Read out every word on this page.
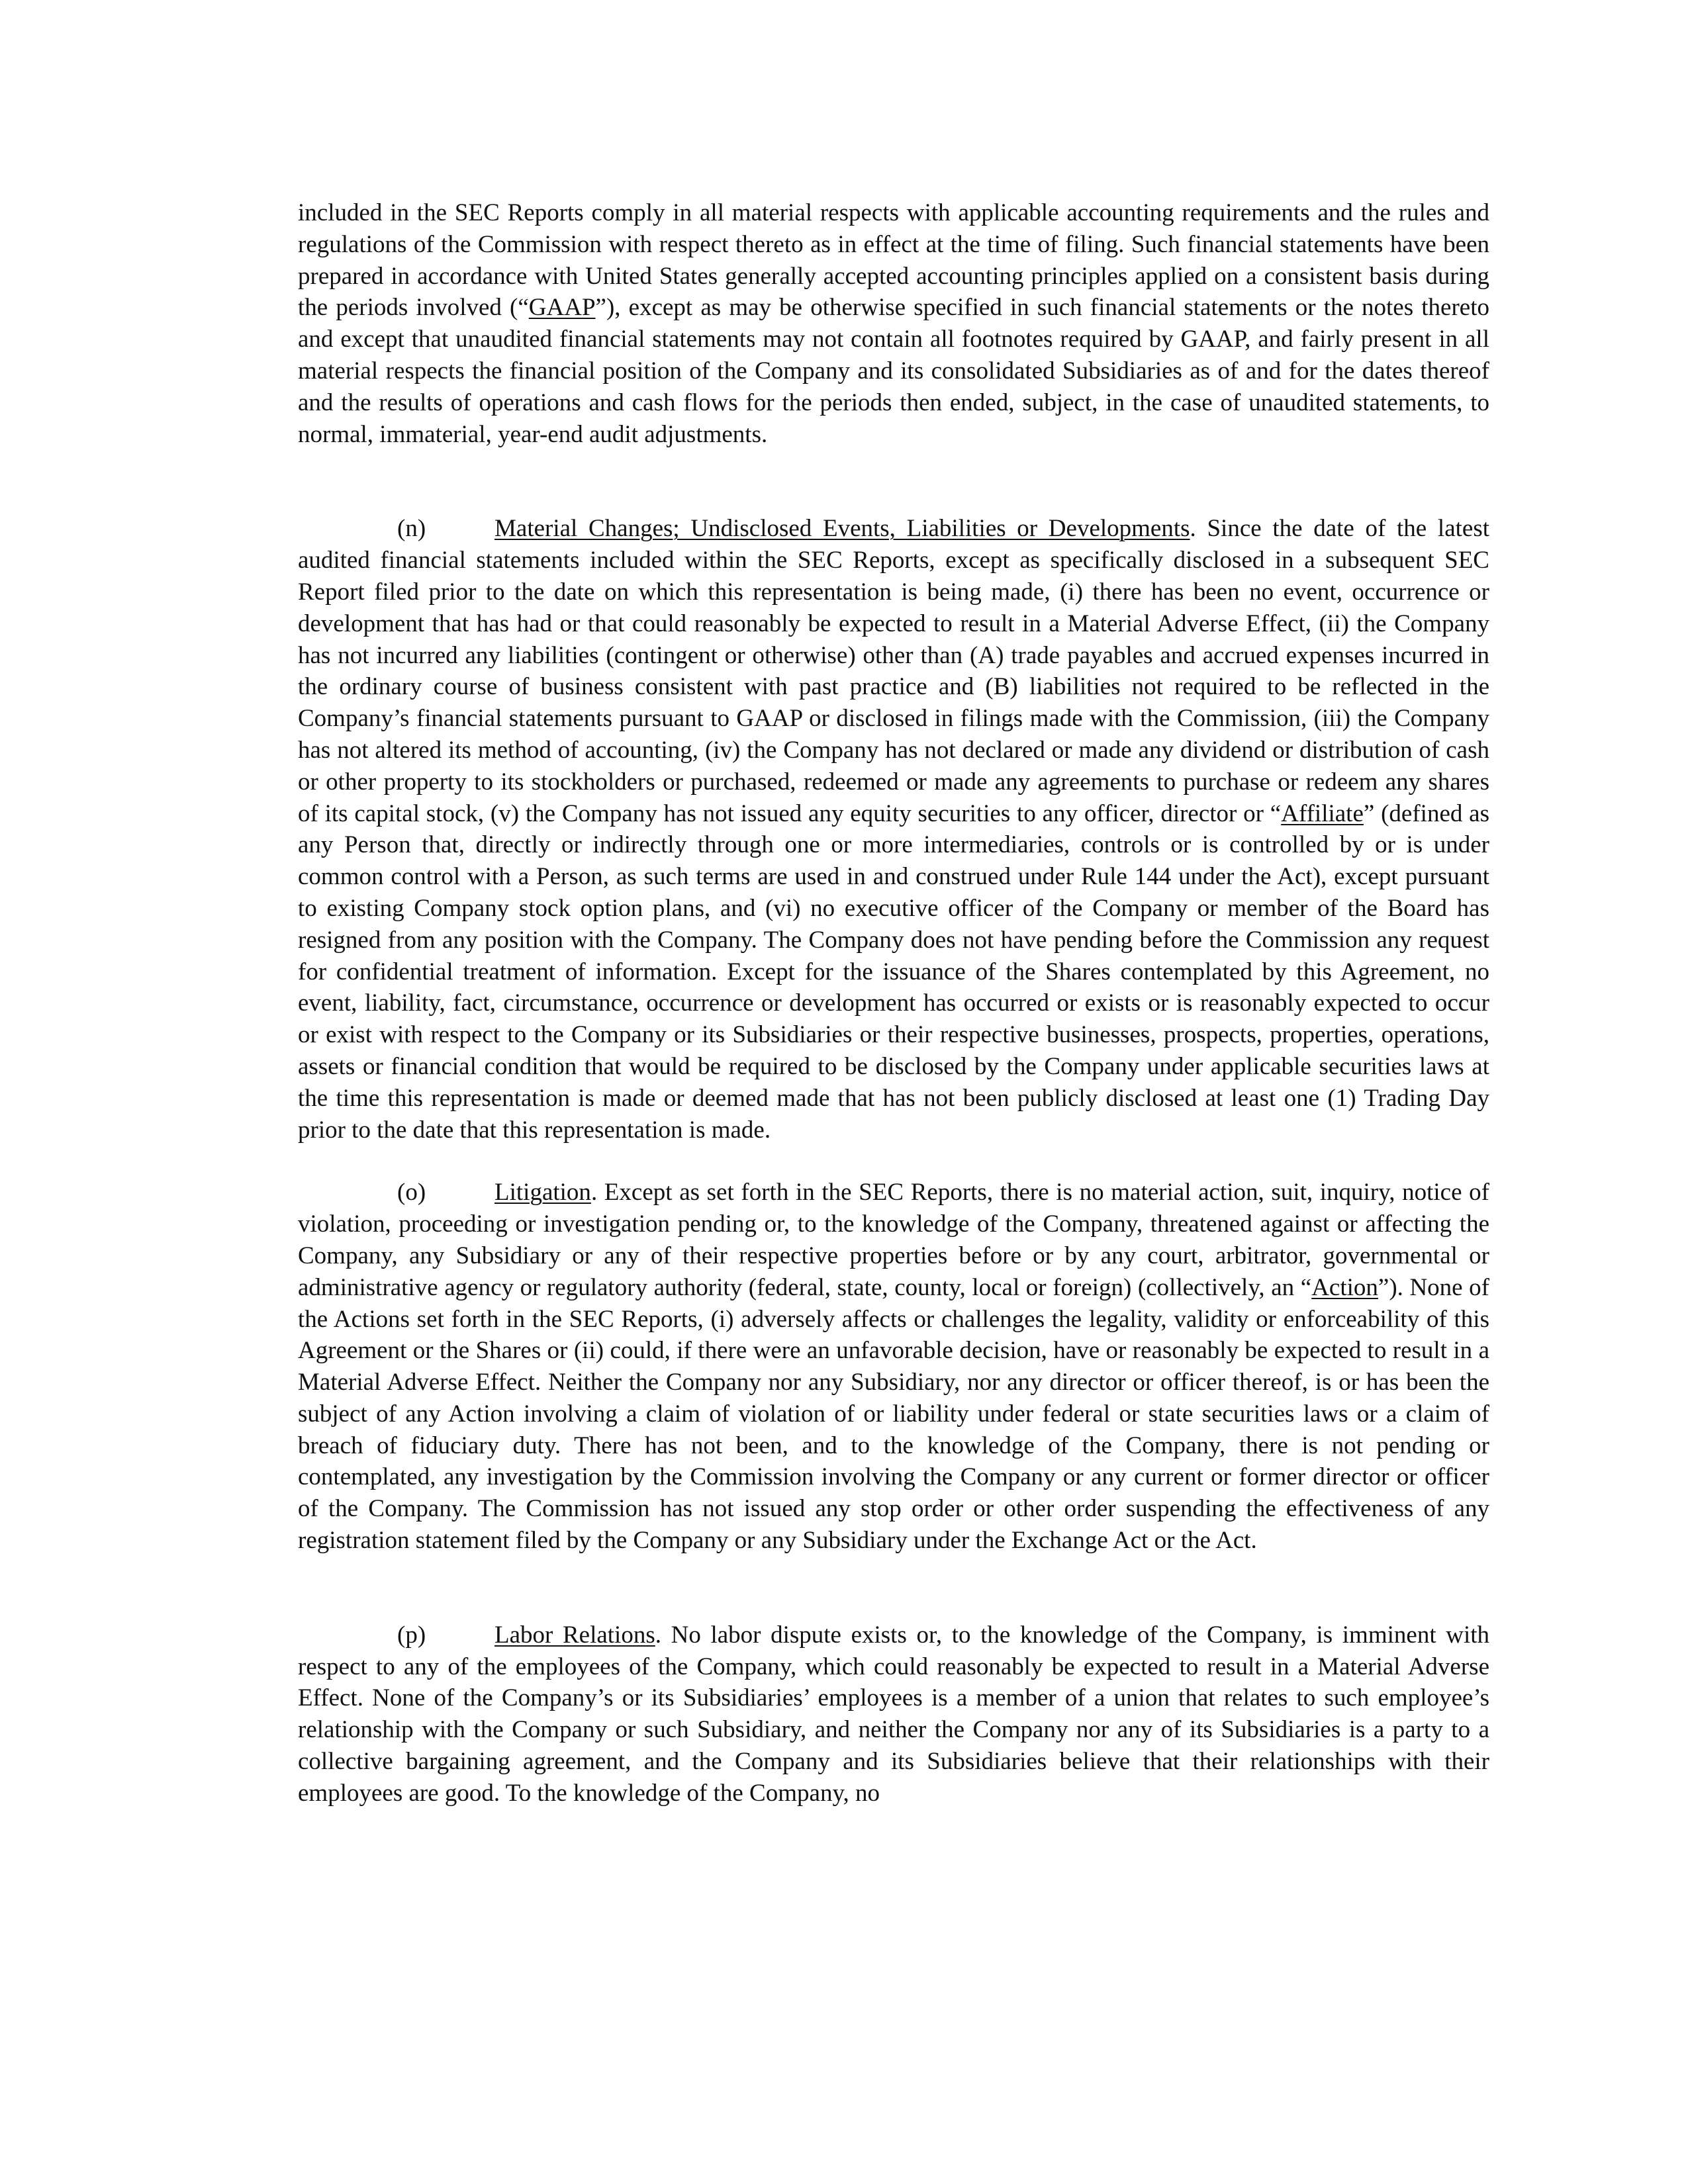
included in the SEC Reports comply in all material respects with applicable accounting requirements and the rules and regulations of the Commission with respect thereto as in effect at the time of filing. Such financial statements have been prepared in accordance with United States generally accepted accounting principles applied on a consistent basis during the periods involved (“GAAP”), except as may be otherwise specified in such financial statements or the notes thereto and except that unaudited financial statements may not contain all footnotes required by GAAP, and fairly present in all material respects the financial position of the Company and its consolidated Subsidiaries as of and for the dates thereof and the results of operations and cash flows for the periods then ended, subject, in the case of unaudited statements, to normal, immaterial, year-end audit adjustments.

(n)	Material Changes; Undisclosed Events, Liabilities or Developments. Since the date of the latest audited financial statements included within the SEC Reports, except as specifically disclosed in a subsequent SEC Report filed prior to the date on which this representation is being made, (i) there has been no event, occurrence or development that has had or that could reasonably be expected to result in a Material Adverse Effect, (ii) the Company has not incurred any liabilities (contingent or otherwise) other than (A) trade payables and accrued expenses incurred in the ordinary course of business consistent with past practice and (B) liabilities not required to be reflected in the Company’s financial statements pursuant to GAAP or disclosed in filings made with the Commission, (iii) the Company has not altered its method of accounting, (iv) the Company has not declared or made any dividend or distribution of cash or other property to its stockholders or purchased, redeemed or made any agreements to purchase or redeem any shares of its capital stock, (v) the Company has not issued any equity securities to any officer, director or “Affiliate” (defined as any Person that, directly or indirectly through one or more intermediaries, controls or is controlled by or is under common control with a Person, as such terms are used in and construed under Rule 144 under the Act), except pursuant to existing Company stock option plans, and (vi) no executive officer of the Company or member of the Board has resigned from any position with the Company. The Company does not have pending before the Commission any request for confidential treatment of information. Except for the issuance of the Shares contemplated by this Agreement, no event, liability, fact, circumstance, occurrence or development has occurred or exists or is reasonably expected to occur or exist with respect to the Company or its Subsidiaries or their respective businesses, prospects, properties, operations, assets or financial condition that would be required to be disclosed by the Company under applicable securities laws at the time this representation is made or deemed made that has not been publicly disclosed at least one (1) Trading Day prior to the date that this representation is made.

(o)	Litigation. Except as set forth in the SEC Reports, there is no material action, suit, inquiry, notice of violation, proceeding or investigation pending or, to the knowledge of the Company, threatened against or affecting the Company, any Subsidiary or any of their respective properties before or by any court, arbitrator, governmental or administrative agency or regulatory authority (federal, state, county, local or foreign) (collectively, an “Action”). None of the Actions set forth in the SEC Reports, (i) adversely affects or challenges the legality, validity or enforceability of this Agreement or the Shares or (ii) could, if there were an unfavorable decision, have or reasonably be expected to result in a Material Adverse Effect. Neither the Company nor any Subsidiary, nor any director or officer thereof, is or has been the subject of any Action involving a claim of violation of or liability under federal or state securities laws or a claim of breach of fiduciary duty. There has not been, and to the knowledge of the Company, there is not pending or contemplated, any investigation by the Commission involving the Company or any current or former director or officer of the Company. The Commission has not issued any stop order or other order suspending the effectiveness of any registration statement filed by the Company or any Subsidiary under the Exchange Act or the Act.

(p)	Labor Relations. No labor dispute exists or, to the knowledge of the Company, is imminent with respect to any of the employees of the Company, which could reasonably be expected to result in a Material Adverse Effect. None of the Company’s or its Subsidiaries’ employees is a member of a union that relates to such employee’s relationship with the Company or such Subsidiary, and neither the Company nor any of its Subsidiaries is a party to a collective bargaining agreement, and the Company and its Subsidiaries believe that their relationships with their employees are good. To the knowledge of the Company, no
